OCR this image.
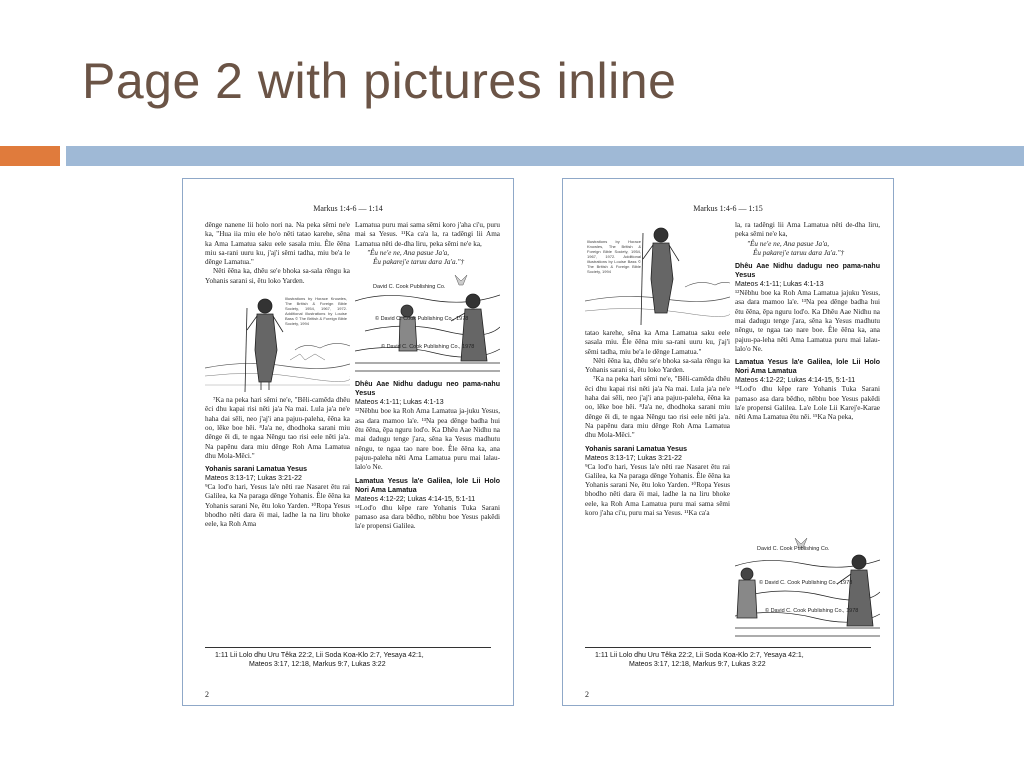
Page 2 with pictures inline
Markus 1:4-6 — 1:14

dênge nanene lii holo nori na. Na peka sêmi ne'e ka, "Hua iia miu ele ho'o nêti tatao karehe, sêna ka Ama Lamatua saku eele sasala miu. Êle êêna miu sa-rani uuru ku, j'aj'i sêmi tadha, miu be'a le dênge Lamatua."

Nêti êêna ka, dhêu se'e bhoka sa-sala rêngu ka Yohanis sarani si, êtu loko Yarden.

Illustrations by Horace Knowles, The British & Foreign Bible Society, 1954, 1967, 1972. Additional illustrations by Louise Bass © The British & Foreign Bible Society, 1994

⁷Ka na peka hari sêmi ne'e, "Bêli-camêda dhêu êci dhu kapai risi nêti ja'a Na mai. Lula ja'a ne'e haha dai sêli, neo j'aj'i ana pajuu-paleha, êêna ka oo, lêke boe hêi. ⁸Ja'a ne, dhodhoka sarani miu dênge êi di, te ngaa Nêngu tao risi eele nêti ja'a. Na papênu dara miu dênge Roh Ama Lamatua dhu Mola-Mêci."

Yohanis sarani Lamatua Yesus
Mateos 3:13-17; Lukas 3:21-22

⁹Ca lod'o hari, Yesus la'e nêti rae Nasaret êtu rai Galilea, ka Na paraga dênge Yohanis. Êle êêna ka Yohanis sarani Ne, êtu loko Yarden. ¹⁰Ropa Yesus bhodho nêti dara êi mai, ladhe la na liru bhoke eele, ka Roh Ama

Lamatua puru mai sama sêmi koro j'aha ci'u, puru mai sa Yesus. ¹¹Ka ca'a la, ra tadêngi lii Ama Lamatua nêti de-dha liru, peka sêmi ne'e ka,

"Êu ne'e ne, Ana pasue Ja'a,

Êu pakarej'e taruu dara Ja'a."†

David C. Cook Publishing Co.
© David C. Cook Publishing Co., 1978
© David C. Cook Publishing Co., 1978
Dhêu Aae Nidhu dadugu neo pama-nahu Yesus
Mateos 4:1-11; Lukas 4:1-13

¹²Nêbhu boe ka Roh Ama Lamatua ja-juku Yesus, asa dara mamoo la'e. ¹³Na pea dênge badha hui êtu êêna, êpa nguru lod'o. Ka Dhêu Aae Nidhu na mai dadugu tenge j'ara, sêna ka Yesus madhutu nêngu, te ngaa tao nare boe. Êle êêna ka, ana pajuu-paleha nêti Ama Lamatua puru mai lalau-lalo'o Ne.

Lamatua Yesus la'e Galilea, lole Lii Holo Nori Ama Lamatua
Mateos 4:12-22; Lukas 4:14-15, 5:1-11

¹⁴Lod'o dhu kêpe rare Yohanis Tuka Sarani pamaso asa dara bêdho, nêbhu boe Yesus pakêdi la'e propensi Galilea.

1:11 Lii Lolo dhu Uru Têka 22:2, Lii Soda Koa-Klo 2:7, Yesaya 42:1,
Mateos 3:17, 12:18, Markus 9:7, Lukas 3:22
2
Markus 1:4-6 — 1:15
Illustrations by Horace Knowles, The British & Foreign Bible Society, 1954, 1967, 1972. Additional illustrations by Louise Bass © The British & Foreign Bible Society, 1994

tatao karehe, sêna ka Ama Lamatua saku eele sasala miu. Êle êêna miu sa-rani uuru ku, j'aj'i sêmi tadha, miu be'a le dênge Lamatua."

Nêti êêna ka, dhêu se'e bhoka sa-sala rêngu ka Yohanis sarani si, êtu loko Yarden.

⁷Ka na peka hari sêmi ne'e, "Bêli-camêda dhêu êci dhu kapai risi nêti ja'a Na mai. Lula ja'a ne'e haha dai sêli, neo j'aj'i ana pajuu-paleha, êêna ka oo, lêke boe hêi. ⁸Ja'a ne, dhodhoka sarani miu dênge êi di, te ngaa Nêngu tao risi eele nêti ja'a. Na papênu dara miu dênge Roh Ama Lamatua dhu Mola-Mêci."

Yohanis sarani Lamatua Yesus
Mateos 3:13-17; Lukas 3:21-22

⁹Ca lod'o hari, Yesus la'e nêti rae Nasaret êtu rai Galilea, ka Na paraga dênge Yohanis. Êle êêna ka Yohanis sarani Ne, êtu loko Yarden. ¹⁰Ropa Yesus bhodho nêti dara êi mai, ladhe la na liru bhoke eele, ka Roh Ama Lamatua puru mai sama sêmi koro j'aha ci'u, puru mai sa Yesus. ¹¹Ka ca'a

la, ra tadêngi lii Ama Lamatua nêti de-dha liru, peka sêmi ne'e ka,

"Êu ne'e ne, Ana pasue Ja'a,

Êu pakarej'e taruu dara Ja'a."†

Dhêu Aae Nidhu dadugu neo pama-nahu Yesus
Mateos 4:1-11; Lukas 4:1-13

¹²Nêbhu boe ka Roh Ama Lamatua jajuku Yesus, asa dara mamoo la'e. ¹³Na pea dênge badha hui êtu êêna, êpa nguru lod'o. Ka Dhêu Aae Nidhu na mai dadugu tenge j'ara, sêna ka Yesus madhutu nêngu, te ngaa tao nare boe. Êle êêna ka, ana pajuu-pa-leha nêti Ama Lamatua puru mai lalau-lalo'o Ne.

Lamatua Yesus la'e Galilea, lole Lii Holo Nori Ama Lamatua
Mateos 4:12-22; Lukas 4:14-15, 5:1-11

¹⁴Lod'o dhu kêpe rare Yohanis Tuka Sarani pamaso asa dara bêdho, nêbhu boe Yesus pakêdi la'e propensi Galilea. La'e Lole Lii Karej'e-Karae nêti Ama Lamatua êtu nêi. ¹⁵Ka Na peka,

David C. Cook Publishing Co.
© David C. Cook Publishing Co., 1978
© David C. Cook Publishing Co., 1978
1:11 Lii Lolo dhu Uru Têka 22:2, Lii Soda Koa-Klo 2:7, Yesaya 42:1,
Mateos 3:17, 12:18, Markus 9:7, Lukas 3:22
2
